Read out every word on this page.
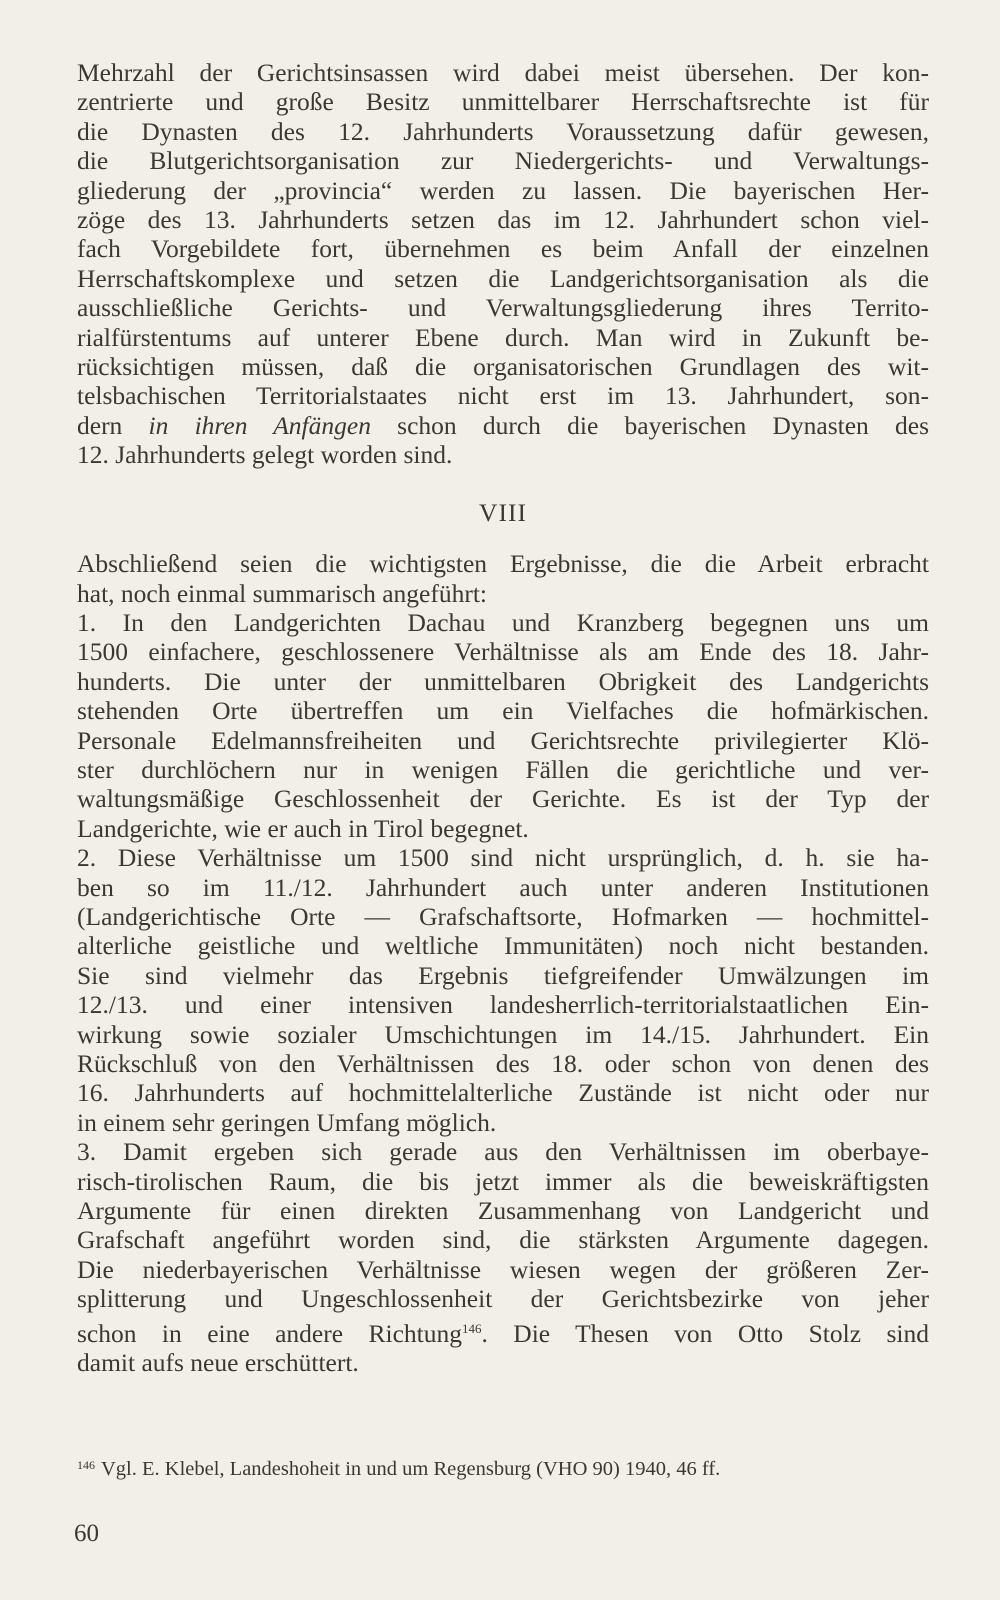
Mehrzahl der Gerichtsinsassen wird dabei meist übersehen. Der kon-
zentrierte und große Besitz unmittelbarer Herrschaftsrechte ist für
die Dynasten des 12. Jahrhunderts Voraussetzung dafür gewesen,
die Blutgerichtsorganisation zur Niedergerichts- und Verwaltungs-
gliederung der „provincia“ werden zu lassen. Die bayerischen Her-
zöge des 13. Jahrhunderts setzen das im 12. Jahrhundert schon viel-
fach Vorgebildete fort, übernehmen es beim Anfall der einzelnen
Herrschaftskomplexe und setzen die Landgerichtsorganisation als die
ausschließliche Gerichts- und Verwaltungsgliederung ihres Territo-
rialfürstentums auf unterer Ebene durch. Man wird in Zukunft be-
rücksichtigen müssen, daß die organisatorischen Grundlagen des wit-
telsbachischen Territorialstaates nicht erst im 13. Jahrhundert, son-
dern in ihren Anfängen schon durch die bayerischen Dynasten des
12. Jahrhunderts gelegt worden sind.
VIII
Abschließend seien die wichtigsten Ergebnisse, die die Arbeit erbracht
hat, noch einmal summarisch angeführt:
1. In den Landgerichten Dachau und Kranzberg begegnen uns um
1500 einfachere, geschlossenere Verhältnisse als am Ende des 18. Jahr-
hunderts. Die unter der unmittelbaren Obrigkeit des Landgerichts
stehenden Orte übertreffen um ein Vielfaches die hofmärkischen.
Personale Edelmannsfreiheiten und Gerichtsrechte privilegierter Klö-
ster durchlöchern nur in wenigen Fällen die gerichtliche und ver-
waltungsmäßige Geschlossenheit der Gerichte. Es ist der Typ der
Landgerichte, wie er auch in Tirol begegnet.
2. Diese Verhältnisse um 1500 sind nicht ursprünglich, d. h. sie ha-
ben so im 11./12. Jahrhundert auch unter anderen Institutionen
(Landgerichtische Orte — Grafschaftsorte, Hofmarken — hochmittel-
alterliche geistliche und weltliche Immunitäten) noch nicht bestanden.
Sie sind vielmehr das Ergebnis tiefgreifender Umwälzungen im
12./13. und einer intensiven landesherrlich-territorialstaatlichen Ein-
wirkung sowie sozialer Umschichtungen im 14./15. Jahrhundert. Ein
Rückschluß von den Verhältnissen des 18. oder schon von denen des
16. Jahrhunderts auf hochmittelalterliche Zustände ist nicht oder nur
in einem sehr geringen Umfang möglich.
3. Damit ergeben sich gerade aus den Verhältnissen im oberbaye-
risch-tirolischen Raum, die bis jetzt immer als die beweiskräftigsten
Argumente für einen direkten Zusammenhang von Landgericht und
Grafschaft angeführt worden sind, die stärksten Argumente dagegen.
Die niederbayerischen Verhältnisse wiesen wegen der größeren Zer-
splitterung und Ungeschlossenheit der Gerichtsbezirke von jeher
schon in eine andere Richtung$^{146}$. Die Thesen von Otto Stolz sind
damit aufs neue erschüttert.
$^{146}$ Vgl. E. Klebel, Landeshoheit in und um Regensburg (VHO 90) 1940, 46 ff.
60
